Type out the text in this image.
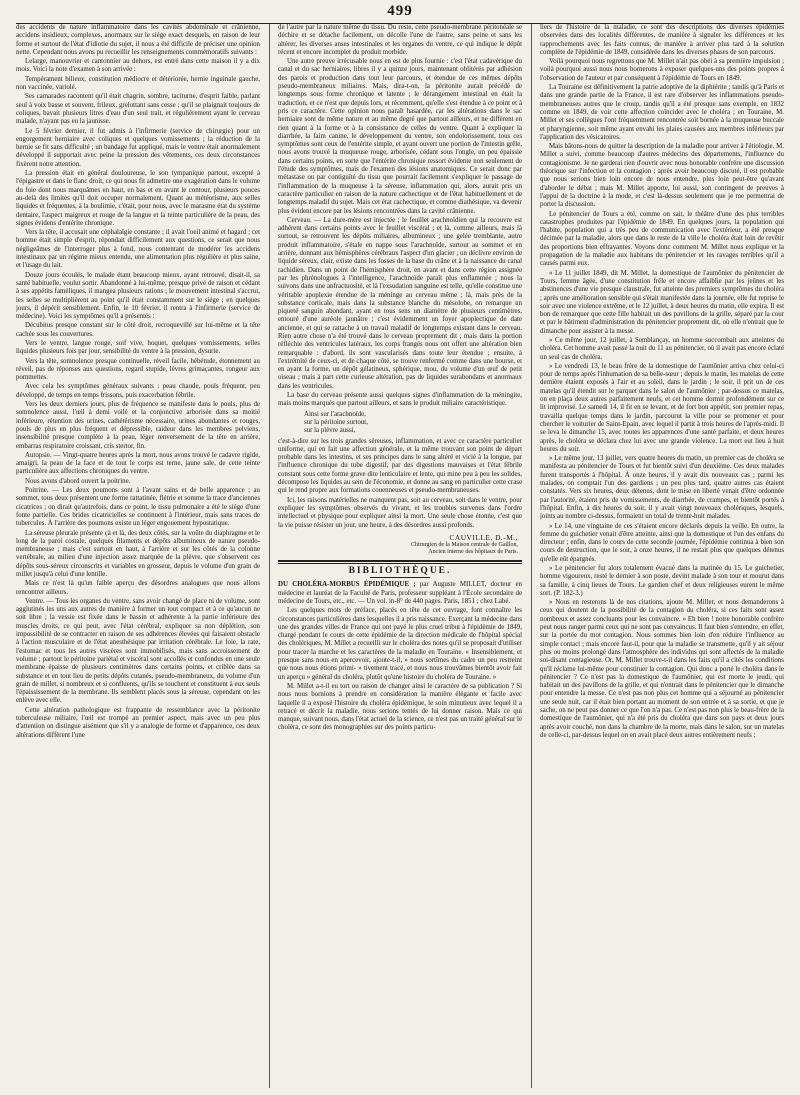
499

des accidents de nature inflammatoire dans les cavités abdominale et crânienne, accidens insidieux, complexes, anormaux sur le siége exact desquels, en raison de leur forme et surtout de l'état d'idiotie du sujet, il nous a été difficile de préciser une opinion nette. Cependant nous avons pu recueillir les renseignements commémoratifs suivants :

Lelarge, manouvrier et cantonnier au dehors, est entré dans cette maison il y a dix mois. Voici la note d'examen à son arrivée :

Tempérament bilieux, constitution médiocre et détériorée, hernie inguinale gauche, non vaccinée, variolé.

Ses camarades racontent qu'il était chagrin, sombre, taciturne, d'esprit faible, parlant seul à voix basse et souvent, frileux, grelottant sans cesse ; qu'il se plaignait toujours de coliques, bavait plusieurs litres d'eau d'un seul trait, et régulièrement ayant le cerveau malade, n'ayant pas eu la jaunisse.

Le 5 février dernier, il fut admis à l'infirmerie (service de chirurgie) pour un engorgement herniaire avec coliques et quelques vomissements ; la réduction de la hernie se fit sans difficulté ; un bandage fut appliqué, mais le ventre était anormalement développé il supportait avec peine la pression des vêtements, ces deux circonstances fixèrent notre attention.

La pression était en général douloureuse, le son tympanique partout, excepté à l'épigastre et dans le flanc droit, ce qui nous fit admettre une exagération dans le volume du foie dont nous marquâmes en haut, en bas et en avant le contour, plusieurs pouces au-delà des limites qu'il doit occuper normalement. Quant au météorisme, aux selles liquides et fréquentes, à la boulimie, c'était, pour nous, avec le marasme état du système dentaire, l'aspect maigreux et rouge de la langue et la teinte particulière de la peau, des signes évidens d'entérite chronique.

Vers la tête, il accusait une céphalalgie constante ; il avait l'oeil animé et hagard ; cet homme était simple d'esprit, répondait difficilement aux questions, ce serait que nous négligeâmes de l'interroger plus à fond, nous contentant de modérer les accidens intestinaux par un régime mieux entendu, une alimentation plus régulière et plus saine, et l'usage du lait.

Douze jours écoulés, le malade étant beaucoup mieux, ayant retrouvé, disait-il, sa santé habituelle, voulut sortir. Abandonné à lui-même, presque privé de raison et cédant à ses appétits faméliques, il mangea plusieurs rations ; le mouvement intestinal s'accrut, les selles se multiplièrent au point qu'il était constamment sur le siége ; en quelques jours, il dépérit sensiblement. Enfin, le 10 février, il rentra à l'infirmerie (service de médecine). Voici les symptômes qu'il a présentés :

Décubitus presque constant sur le côté droit, recroquevillé sur lui-même et la tête cachée sous les couvertures.

Vers le ventre, langue rouge, soif vive, hoquet, quelques vomissements, selles liquides plusieurs fois par jour, sensibilité du ventre à la pression, dysurie.

Vers la tête, somnolence presque continuelle, réveil facile, hébétude, étonnement au réveil, pas de réponses aux questions, regard stupide, lèvres grimaçantes, rongeur aux pommettes.

Avec cela les symptômes généraux suivants : peau chaude, pouls fréquent, peu développé, de temps en temps frissons, puis exacerbation fébrile.

Vers les deux derniers jours, plus de fréquence se manifeste dans le pouls, plus de somnolence aussi, l'œil à demi voilé et la conjonctive arborisée dans sa moitié inférieure, rétention des urines, cathétérisme nécessaire, urines abondantes et rouges, pouls de plus en plus fréquent et dépressible, raideur dans les membres pelviens, insensibilité presque complète à la peau, léger renversement de la tête en arrière, embarras respiratoire croissant, cris stertor, fin.

Autopsie. — Vingt-quatre heures après la mort, nous avons trouvé le cadavre rigide, amaigri, la peau de la face et de tout le corps est terne, jaune sale, de cette teinte particulière aux affections chroniques du ventre.

Nous avons d'abord ouvert la poitrine.

Poitrine. — Les deux poumons sont à l'avant sains et de belle apparence ; au sommet, tous deux présentent une forme rattatinée, flétrie et somme la trace d'anciennes cicatrices ; on dirait qu'autrefois, dans ce point, le tissu pulmonaire a été le siége d'une fonte partielle. Ces brides cicatricielles se continuent à l'intérieur, mais sans traces de tubercules. À l'arrière des poumons existe un léger engouement hypostatique.

La séreuse pleurale présente çà et là, des deux côtés, sur la voûte du diaphragme et le long de la paroi costale, quelques filaments et dépôts albumineux de nature pseudo-membraneuse ; mais c'est surtout en haut, à l'arrière et sur les côtés de la colonne vertébrale, au milieu d'une injection assez marquée de la plèvre, que s'observent ces dépôts sous-séreux circonscrits et variables en grosseur, depuis le volume d'un grain de millet jusqu'à celui d'une lentille.

Mais ce n'est là qu'un faible aperçu des désordres analogues que nous allons rencontrer ailleurs.

Ventre. — Tous les organes du ventre, sans avoir changé de place ni de volume, sont agglutinés les uns aux autres de manière à former un tout compact et à ce qu'aucun ne soit libre ; la vessie est fixée dans le bassin et adhérente à la partie inférieure des muscles droits, ce qui peut, avec l'état cérébral, expliquer sa non déplétion, son impossibilité de se contracter en raison de ses adhérences élevées qui faisaient obstacle à l'action musculaire et de l'état anesthésique par irritation cérébrale. Le foie, la rate, l'estomac et tous les autres viscères sont immobilisés, mais sans accroissement de volume ; partout le péritoine pariétal et viscéral sont accollés et confondus en une seule membrane épaisse de plusieurs centimètres dans certains points, et criblée dans sa substance et en tout lieu de petits dépôts cutanés, pseudo-membraneux, du volume d'un grain de millet, si nombreux et si confluents, qu'ils se touchent et constituent à eux seuls l'épaississement de la membrane. Ils semblent placés sous la séreuse, cependant on les enlève avec elle.

Cette altération pathologique est frappante de ressemblance avec la péritonite tuberculeuse miliaire, l'œil est trompé au premier aspect, mais avec un peu plus d'attention on distingue aisément que s'il y a analogie de forme et d'apparence, ces deux altérations diffèrent l'une

de l'autre par la nature même du tissu. Du reste, cette pseudo-membrane péritonéale se déchire et se détache facilement, on décolle l'une de l'autre, sans peine et sans les altérer, les diverses anses intestinales et les organes du ventre, ce qui indique le dépôt récent et encore incomplet du produit morbide.

Une autre preuve irrécusable nous en est de plus fournie : c'est l'état cadavérique du canal et du sac herniaires, libres il y a quinze jours, maintenant oblitérés par adhésion des parois et production dans tout leur parcours, et étendue de ces mêmes dépôts pseudo-membraneux miliaires. Mais, dira-t-on, la péritonite aurait précédé de longtemps sous forme chronique et latente ; le dérangement intestinal en était la traduction, et ce n'est que depuis lors, et récemment, qu'elle s'est étendue à ce point et à pris ce caractère. Cette opinion nous paraît hasardée, car les altérations dans le sac herniaire sont de même nature et au même degré que partout ailleurs, et ne diffèrent en rien quant à la forme et à la consistance de celles du ventre. Quant à expliquer la diarrhée, la faim canine, le développement du ventre, son endolorissement, tous ces symptômes sont ceux de l'entérite simple, et ayant ouvert une portion de l'intestin grêle, nous avons trouvé la muqueuse rouge, arborisée, cédant sous l'ongle, un peu épaissie dans certains points, en sorte que l'entérite chronique ressort évidente non seulement de l'étude des symptômes, mais de l'examen des lésions anatomiques. Ce serait donc par métastase ou par contiguïté du tissu que pourrait facilement s'expliquer le passage de l'inflammation de la muqueuse à la séreuse, inflammation qui, alors, aurait pris un caractère particulier en raison de la nature cachectique et de l'état habituellement et de longtemps maladif du sujet. Mais cet état cachectique, et comme diathésique, va devenir plus évident encore par les lésions rencontrées dans la cavité crânienne.

Cerveau. — La dure-mère est injectée ; le feuillet arachnoïdien qui la recouvre est adhérent dans certains points avec le feuillet viscéral ; et là, comme ailleurs, mais là surtout, se retrouvent les dépôts miliaires, albumineux ; une gelée tremblante, autre produit inflammatoire, s'étale en nappe sous l'arachnoïde, surtout au sommet et en arrière, donnant aux hémisphères cérébraux l'aspect d'un glacier ; un déclivre environ de liquide séreux, clair, existe dans les fosses de la base du crâne et à la naissance du canal rachidien. Dans un point de l'hémisphère droit, en avant et dans cette région assignée par les phrénologues à l'intelligence, l'arachnoïde paraît plus enflammée ; nous la suivons dans une anfractuosité, et là l'exsudation sanguine est telle, qu'elle constitue une véritable apoplexie étendue de la méninge au cerveau même ; là, mais près de la substance corticale, mais dans la substance blanche du mésolobe, on remarque un piqueté sanguin abondant, ayant en tous sens un diamètre de plusieurs centimètres, entouré d'une auréole jaunâtre ; c'est évidemment un foyer apoplectique de date ancienne, et qui se rattache à un travail maladif de longtemps existant dans le cerveau. Rien autre chose n'a été trouvé dans le cerveau proprement dit ; mais dans la portion réfléchie des ventricules latéraux, les corps frangés nous ont offert une altération bien remarquable : d'abord, ils sont vascularisés dans toute leur étendue ; ensuite, à l'extrémité de ceux-ci, et de chaque côté, se trouve renfermé comme dans une bourse, et en ayant la forme, un dépôt gélatineux, sphérique, mou, du volume d'un œuf de petit oiseau ; mais à part cette curieuse altération, pas de liquides surabondans et anormaux dans les ventricules.

La base du cerveau présente aussi quelques signes d'inflammation de la méningite, mais moins marqués que partout ailleurs, et sans le produit miliaire caractéristique.

Ainsi sur l'arachnoïde,
sur la péritoine surtout,
sur la plèvre aussi,

c'est-à-dire sur les trois grandes séreuses, inflammation, et avec ce caractère particulier uniforme, qui en fait une affection générale, et la même trouvant son point de départ probable dans les intestins, et ses principes dans le sang altéré et vicié à la longue, par l'influence chronique du tube digestif, par des digestions mauvaises et l'état fébrile constant sous cette forme grave dite lenticulaire et lente, qui mine peu à peu les solides, décompose les liquides au sein de l'économie, et donne au sang en particulier cette crase qui le rend propre aux formations couenneuses et pseudo-membraneuses.

Ici, les raisons matérielles ne manquent pas, soit au cerveau, soit dans le ventre, pour expliquer les symptômes observés du vivant, et les troubles survenus dans l'ordre intellectuel et physique pour expliquer ainsi la mort. Une seule chose étonne, c'est que la vie puisse résister un jour, une heure, à des désordres aussi profonds.

CAUVILLE, D.-M.,
Chirurgien de la Maison centrale de Gaillon,
Ancien interne des hôpitaux de Paris.
BIBLIOTHÈQUE.

DU CHOLÉRA-MORBUS ÉPIDÉMIQUE ; par Auguste MILLET, docteur en médecine et lauréat de la Faculté de Paris, professeur suppléant à l'École secondaire de médecine de Tours, etc., etc. — Un vol. in-8° de 440 pages. Paris, 1851 ; chez Labé.

Les quelques mots de préface, placés en tête de cet ouvrage, font connaître les circonstances particulières dans lesquelles il a pris naissance. Exerçant la médecine dans une des grandes villes de France qui ont payé le plus cruel tribut à l'épidémie de 1849, chargé pendant le cours de cette épidémie de la direction médicale de l'hôpital spécial des cholériques, M. Millet a recueilli sur le choléra des notes qu'il se proposait d'utiliser pour tracer la marche et les caractères de la maladie en Touraine. « Insensiblement, et presque sans nous en apercevoir, ajoute-t-il, » nous sortîmes du cadre un peu restreint que nous nous étions primi- » tivement tracé, et nous nous trouvâmes bientôt avoir fait un aperçu » général du choléra, plutôt qu'une histoire du choléra de Touraine. »

M. Millet a-t-il eu tort ou raison de changer ainsi le caractère de sa publication ? Si nous nous bornions à prendre en considération la manière élégante et facile avec laquelle il a exposé l'histoire du choléra épidémique, le soin minutieux avec lequel il a retracé et décrit la maladie, nous serions tentés de lui donner raison. Mais ce qui manque, suivant nous, dans l'état actuel de la science, ce n'est pas un traité général sur le choléra, ce sont des monographies sur des points particu-

liers de l'histoire de la maladie, ce sont des descriptions des diverses épidémies observées dans des localités différentes, de manière à signaler les différences et les rapprochements avec les faits connus, de manière à arriver plus tard à la solution complète de l'épidémie de 1849, considérée dans les diverses phases de son parcours.

Voilà pourquoi nous regrettons que M. Millet n'ait pas obéi à sa première impulsion ; voilà pourquoi aussi nous nous bornerons à exposer quelques-uns des points propres à l'observation de l'auteur et par conséquent à l'épidémie de Tours en 1849.

La Touraine est définitivement la patrie adoptive de la diphtérite ; tandis qu'à Paris et dans une grande partie de la France, il est rare d'observer les inflammations pseudo-membraneuses autres que le croup, tandis qu'il a été presque sans exemple, en 1832 comme en 1849, de voir cette affection coïncider avec le choléra ; en Touraine, M. Millet et ses collègues l'ont fréquemment rencontrée soit bornée à la muqueuse buccale et pharyngienne, soit même ayant envahi les plaies causées aux membres inférieurs par l'application des vésicatoires.

Mais bâtons-nous de quitter la description de la maladie pour arriver à l'étiologie. M. Millet a suivi, comme beaucoup d'autres médecins des départements, l'influence du contagionisme. Je ne garderai rien d'ouvrir avec nous honorable confrère une discussion théorique sur l'infection et la contagion ; après avoir beaucoup discuté, il est probable que nous serions bien loin encore de nous entendre, plus loin peut-être qu'avant d'aborder le débat ; mais M. Millet apporte, lui aussi, son contingent de preuves à l'appui de la doctrine à la mode, et c'est là-dessus seulement que je me permettrai de porter la discussion.

Le pénitencier de Tours a été, comme on sait, le théâtre d'une des plus terribles catastrophes produites par l'épidémie de 1849. En quelques jours, la population qui l'habite, population qui a très peu de communication avec l'extérieur, a été presque décimée par la maladie, alors que dans le reste de la ville le choléra était loin de revêtir des proportions bien effrayantes. Voyons donc comment M. Millet nous explique et la propagation de la maladie aux habitans du pénitencier et les ravages terribles qu'il a causés parmi eux.

« Le 11 juillet 1849, dit M. Millet, la domestique de l'aumônier du pénitencier de Tours, femme âgée, d'une constitution frêle et encore affaiblie par les jeûnes et les abstinences d'une vie presque claustrale, fut atteinte des premiers symptômes du choléra ; après une amélioration sensible qui s'était manifestée dans la journée, elle fut reprise le soir avec une violence extrême, et le 12 juillet, à deux heures du matin, elle expira. Il est bon de remarquer que cette fille habitait un des pavillons de la grille, séparé par la cour et par le bâtiment d'administration du pénitencier proprement dit, où elle n'entrait que le dimanche pour assister à la messe.

» Ce même jour, 12 juillet, à Semblançay, un homme succombait aux atteintes du choléra. Cet homme avait passé la nuit du 11 au pénitencier, où il avait pas encore éclaté un seul cas de choléra.

» Le vendredi 13, le beau frère de la domestique de l'aumônier arriva chez celui-ci pour de temps après l'inhumation de sa belle-sœur ; depuis le matin, les matelas de cette dernière étaient exposés à l'air et au soleil, dans le jardin ; le soir, il prit un de ces matelas qu'il étendit sur le parquet dans le salon de l'aumônier ; par-dessus ce matelas, on en plaça deux autres parfaitement neufs, et cet homme dormit profondément sur ce lit improvisé. Le samedi 14, il fit en se levant, et de fort bon appétit, son premier repas, travailla quelque temps dans le jardin, parcourut la ville pour se promener et pour chercher le voiturier de Saint-Epain, avec lequel il partit à trois heures de l'après-midi. Il se leva le dimanche 15, avec toutes les apparences d'une santé parfaite, et deux heures après, le choléra se déclara chez lui avec une grande violence. La mort eut lieu à huit heures du soir.

» Le même jour, 13 juillet, vers quatre heures du matin, un premier cas de choléra se manifesta au pénitencier de Tours et fut bientôt suivi d'un deuxième. Ces deux malades furent transportés à l'hôpital. À onze heures, il y avait dix nouveaux cas ; parmi les malades, on comptait l'un des gardiens ; un peu plus tard, quatre autres cas étaient constatés. Vers six heures, deux détenus, dont le mise en liberté venait d'être ordonnée par l'autorité, étaient pris de vomissements, de diarrhée, de crampes, et bientôt portés à l'hôpital. Enfin, à dix heures du soir, il y avait vingt nouveaux cholériques, lesquels, joints au nombre ci-dessus, formaient un total de trente-huit malades.

» Le 14, une vingtaine de ces s'étaient encore déclarés depuis la veille. En outre, la femme du guichetier venait d'être atteinte, ainsi que la domestique et l'un des enfans du directeur ; enfin, dans le cours de cette seconde journée, l'épidémie continua à bien son cours de destruction, que le soir, à onze heures, il ne restait plus que quelques détenus qu'elle eût épargnés.

» Le pénitencier fut alors totalement évacué dans la matinée du 15. Le guichetier, homme vigoureux, resté le dernier à son poste, devint malade à son tour et mourut dans sa famille, à cinq lieues de Tours. Le gardien chef et deux religieuses eurent le même sort. (P. 182-3.)

» Nous en resterons là de nos citations, ajoute M. Millet, et nous demanderons à ceux qui doutent de la possibilité de la contagion du choléra, si ces faits sont assez nombreux et assez concluants pour les convaincre. » Eh bien ! notre honorable confrère peut nous ranger parmi ceux qui ne sont pas convaincus. Il faut bien s'entendre, en effet, sur la portée du mot contagion. Nous sommes bien loin d'en réduire l'influence au simple contact ; mais encore faut-il, pour que la maladie se transmette, qu'il y ait séjour plus ou moins prolongé dans l'atmosphère des individus qui sont affectés de la maladie soi-disant contagieuse. Or, M. Millet trouve-t-il dans les faits qu'il a cités les conditions qu'il réclame lui-même pour constituer la contagion. Qui donc a porté le choléra dans le pénitencier ? Ce n'est pas la domestique de l'aumônier, qui est morte le jeudi, qui habitait un des pavillons de la grille, et qui n'entrait dans le pénitencier que le dimanche pour entendre la messe. Ce n'est pas non plus cet homme qui a séjourné au pénitencier une seule nuit, car il était bien portant au moment de son entrée et à sa sortie, et que je sache, on ne peut pas donner ce que l'on n'a pas. Ce n'est pas non plus le beau-frère de la domestique de l'aumônier, qui n'a été pris du choléra que dans son pays et deux jours après avoir couché, non dans la chambre de la morte, mais dans le salon, sur un matelas de celle-ci, par-dessus lequel on en avait placé deux autres entièrement neufs ;
